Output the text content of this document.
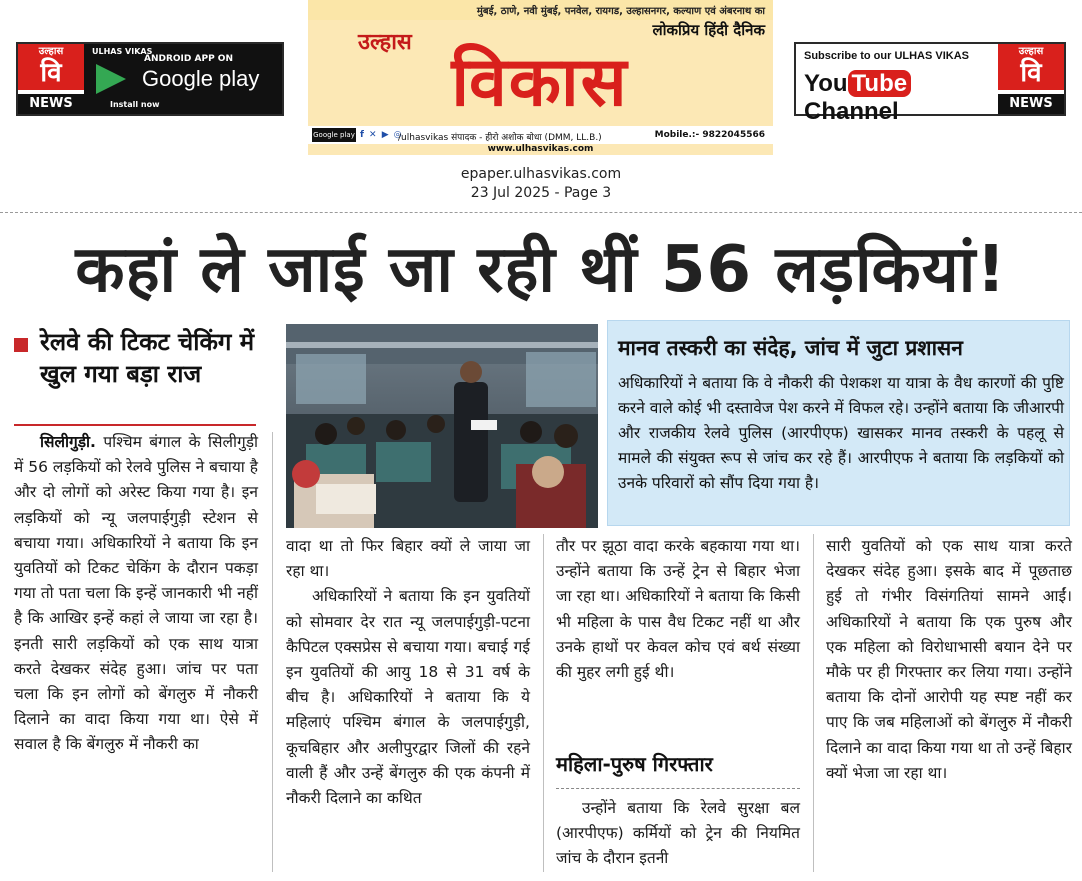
उल्हास
वि
NEWS
ULHAS VIKAS
ANDROID APP ON
Google play
Install now
मुंबई, ठाणे, नवी मुंबई, पनवेल, रायगड, उल्हासनगर, कल्याण एवं अंबरनाथ का
लोकप्रिय हिंदी दैनिक
उल्हास
विकास
Google play f ✕ ▶ ◎
/ulhasvikas संपादक - हीरो अशोक बोधा (DMM, LL.B.)	Mobile.:- 9822045566
www.ulhasvikas.com
Subscribe to our ULHAS VIKAS
You Tube Channel
उल्हास
वि
NEWS
epaper.ulhasvikas.com
23 Jul 2025 - Page 3
कहां ले जाई जा रही थीं 56 लड़कियां!
रेलवे की टिकट चेकिंग में खुल गया बड़ा राज
मानव तस्करी का संदेह, जांच में जुटा प्रशासन
अधिकारियों ने बताया कि वे नौकरी की पेशकश या यात्रा के वैध कारणों की पुष्टि करने वाले कोई भी दस्तावेज पेश करने में विफल रहे। उन्होंने बताया कि जीआरपी और राजकीय रेलवे पुलिस (आरपीएफ) खासकर मानव तस्करी के पहलू से मामले की संयुक्त रूप से जांच कर रहे हैं। आरपीएफ ने बताया कि लड़कियों को उनके परिवारों को सौंप दिया गया है।
सिलीगुड़ी. पश्चिम बंगाल के सिलीगुड़ी में 56 लड़कियों को रेलवे पुलिस ने बचाया है और दो लोगों को अरेस्ट किया गया है। इन लड़कियों को न्यू जलपाईगुड़ी स्टेशन से बचाया गया। अधिकारियों ने बताया कि इन युवतियों को टिकट चेकिंग के दौरान पकड़ा गया तो पता चला कि इन्हें जानकारी भी नहीं है कि आखिर इन्हें कहां ले जाया जा रहा है। इनती सारी लड़कियों को एक साथ यात्रा करते देखकर संदेह हुआ। जांच पर पता चला कि इन लोगों को बेंगलुरु में नौकरी दिलाने का वादा किया गया था। ऐसे में सवाल है कि बेंगलुरु में नौकरी का
वादा था तो फिर बिहार क्यों ले जाया जा रहा था।
अधिकारियों ने बताया कि इन युवतियों को सोमवार देर रात न्यू जलपाईगुड़ी-पटना कैपिटल एक्सप्रेस से बचाया गया। बचाई गई इन युवतियों की आयु 18 से 31 वर्ष के बीच है। अधिकारियों ने बताया कि ये महिलाएं पश्चिम बंगाल के जलपाईगुड़ी, कूचबिहार और अलीपुरद्वार जिलों की रहने वाली हैं और उन्हें बेंगलुरु की एक कंपनी में नौकरी दिलाने का कथित
तौर पर झूठा वादा करके बहकाया गया था। उन्होंने बताया कि उन्हें ट्रेन से बिहार भेजा जा रहा था। अधिकारियों ने बताया कि किसी भी महिला के पास वैध टिकट नहीं था और उनके हाथों पर केवल कोच एवं बर्थ संख्या की मुहर लगी हुई थी।
महिला-पुरुष गिरफ्तार
उन्होंने बताया कि रेलवे सुरक्षा बल (आरपीएफ) कर्मियों को ट्रेन की नियमित जांच के दौरान इतनी
सारी युवतियों को एक साथ यात्रा करते देखकर संदेह हुआ। इसके बाद में पूछताछ हुई तो गंभीर विसंगतियां सामने आईं। अधिकारियों ने बताया कि एक पुरुष और एक महिला को विरोधाभासी बयान देने पर मौके पर ही गिरफ्तार कर लिया गया। उन्होंने बताया कि दोनों आरोपी यह स्पष्ट नहीं कर पाए कि जब महिलाओं को बेंगलुरु में नौकरी दिलाने का वादा किया गया था तो उन्हें बिहार क्यों भेजा जा रहा था।
